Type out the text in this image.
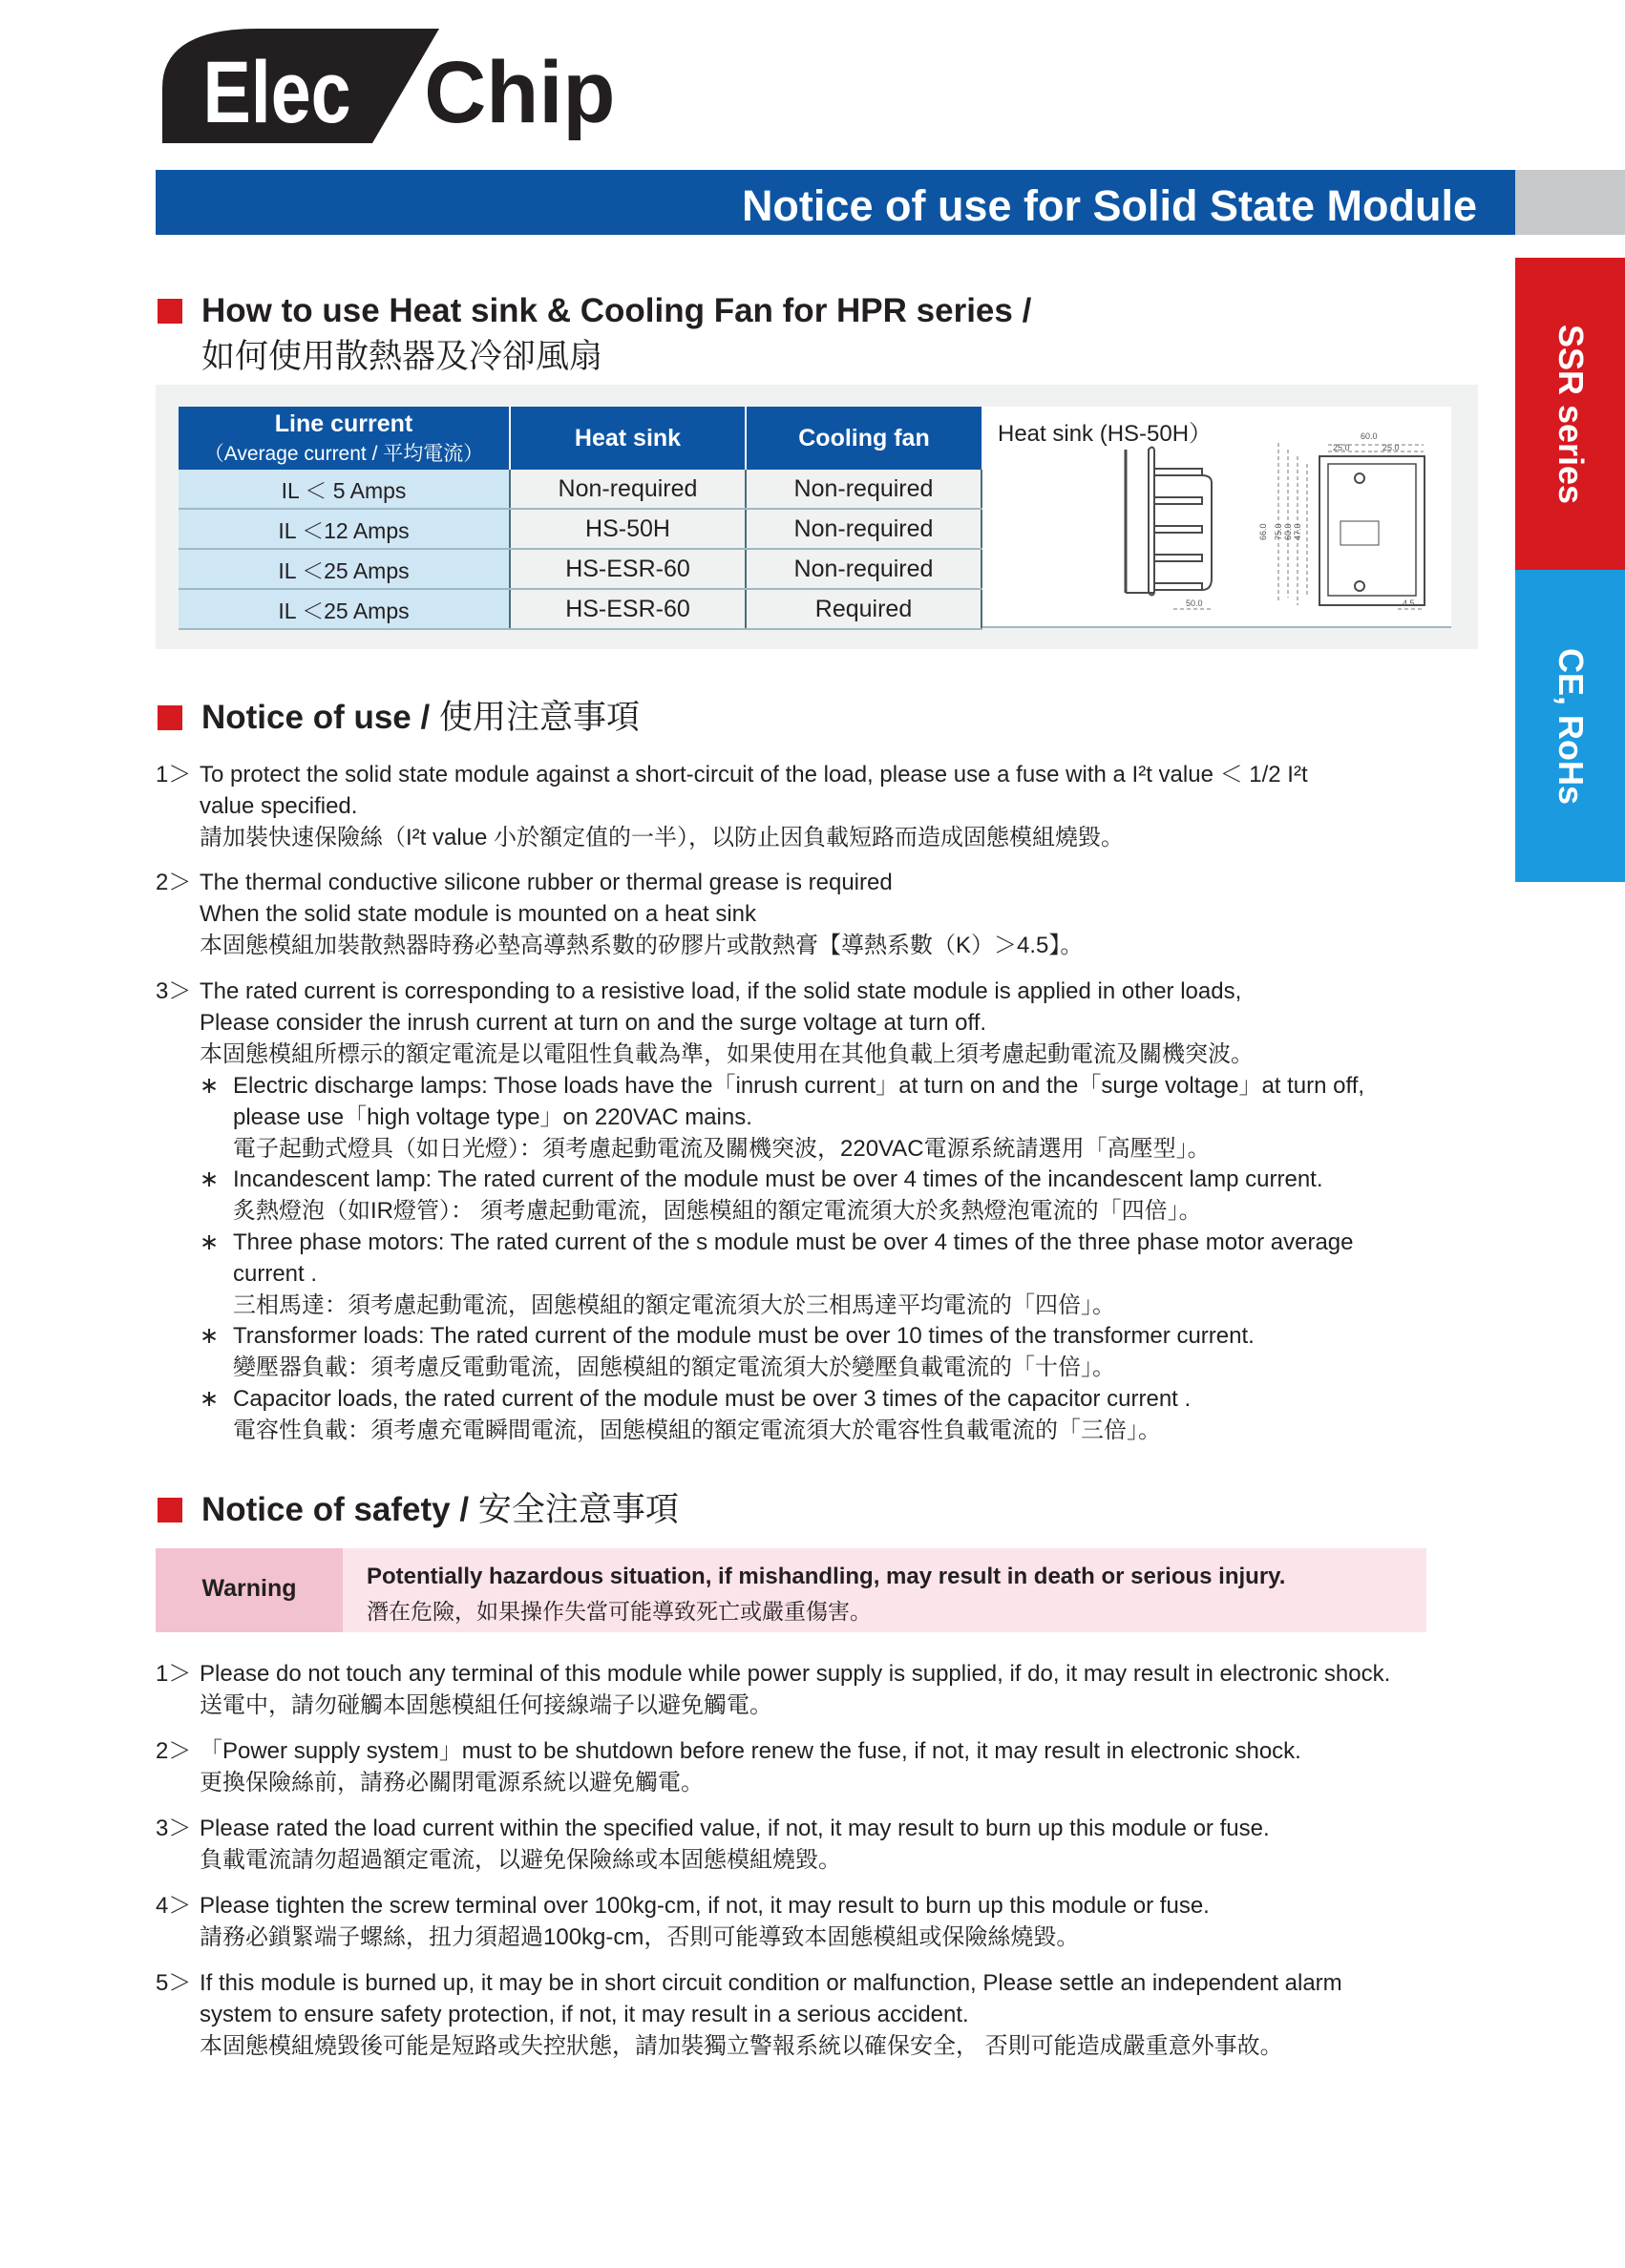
Elec Chip
Notice of use for Solid State Module
SSR series
CE, RoHs
How to use Heat sink & Cooling Fan for HPR series /
如何使用散熱器及冷卻風扇
Line current
（Average current / 平均電流）	Heat sink	Cooling fan
IL ＜ 5 Amps	Non-required	Non-required
IL ＜12 Amps	HS-50H	Non-required
IL ＜25 Amps	HS-ESR-60	Non-required
IL ＜25 Amps	HS-ESR-60	Required
Heat sink (HS-50H）	60.0
25.0	25.0
50.0	4.5
66.0 75.0 60.0 47.0
Notice of use / 使用注意事項
1＞ To protect the solid state module against a short-circuit of the load, please use a fuse with a I²t value ＜ 1/2 I²t
value specified.
請加裝快速保險絲（I²t value 小於額定值的一半），以防止因負載短路而造成固態模組燒毀。
2＞ The thermal conductive silicone rubber or thermal grease is required
When the solid state module is mounted on a heat sink
本固態模組加裝散熱器時務必墊高導熱系數的矽膠片或散熱膏【導熱系數（K）＞4.5】。
3＞ The rated current is corresponding to a resistive load, if the solid state module is applied in other loads,
Please consider the inrush current at turn on and the surge voltage at turn off.
本固態模組所標示的額定電流是以電阻性負載為準，如果使用在其他負載上須考慮起動電流及關機突波。
∗ Electric discharge lamps: Those loads have the「inrush current」at turn on and the「surge voltage」at turn off,
please use「high voltage type」on 220VAC mains.
電子起動式燈具（如日光燈）：須考慮起動電流及關機突波，220VAC電源系統請選用「高壓型」。
∗ Incandescent lamp: The rated current of the module must be over 4 times of the incandescent lamp current.
炙熱燈泡（如IR燈管）： 須考慮起動電流，固態模組的額定電流須大於炙熱燈泡電流的「四倍」。
∗ Three phase motors: The rated current of the s module must be over 4 times of the three phase motor average
current .
三相馬達：須考慮起動電流，固態模組的額定電流須大於三相馬達平均電流的「四倍」。
∗ Transformer loads: The rated current of the module must be over 10 times of the transformer current.
變壓器負載：須考慮反電動電流，固態模組的額定電流須大於變壓負載電流的「十倍」。
∗ Capacitor loads, the rated current of the module must be over 3 times of the capacitor current .
電容性負載：須考慮充電瞬間電流，固態模組的額定電流須大於電容性負載電流的「三倍」。
Notice of safety / 安全注意事項
Warning	Potentially hazardous situation, if mishandling, may result in death or serious injury.
潛在危險，如果操作失當可能導致死亡或嚴重傷害。
1＞ Please do not touch any terminal of this module while power supply is supplied, if do, it may result in electronic shock.
送電中，請勿碰觸本固態模組任何接線端子以避免觸電。
2＞ 「Power supply system」must to be shutdown before renew the fuse, if not, it may result in electronic shock.
更換保險絲前，請務必關閉電源系統以避免觸電。
3＞ Please rated the load current within the specified value, if not, it may result to burn up this module or fuse.
負載電流請勿超過額定電流，以避免保險絲或本固態模組燒毀。
4＞ Please tighten the screw terminal over 100kg-cm, if not, it may result to burn up this module or fuse.
請務必鎖緊端子螺絲，扭力須超過100kg-cm，否則可能導致本固態模組或保險絲燒毀。
5＞ If this module is burned up, it may be in short circuit condition or malfunction, Please settle an independent alarm
system to ensure safety protection, if not, it may result in a serious accident.
本固態模組燒毀後可能是短路或失控狀態，請加裝獨立警報系統以確保安全， 否則可能造成嚴重意外事故。
